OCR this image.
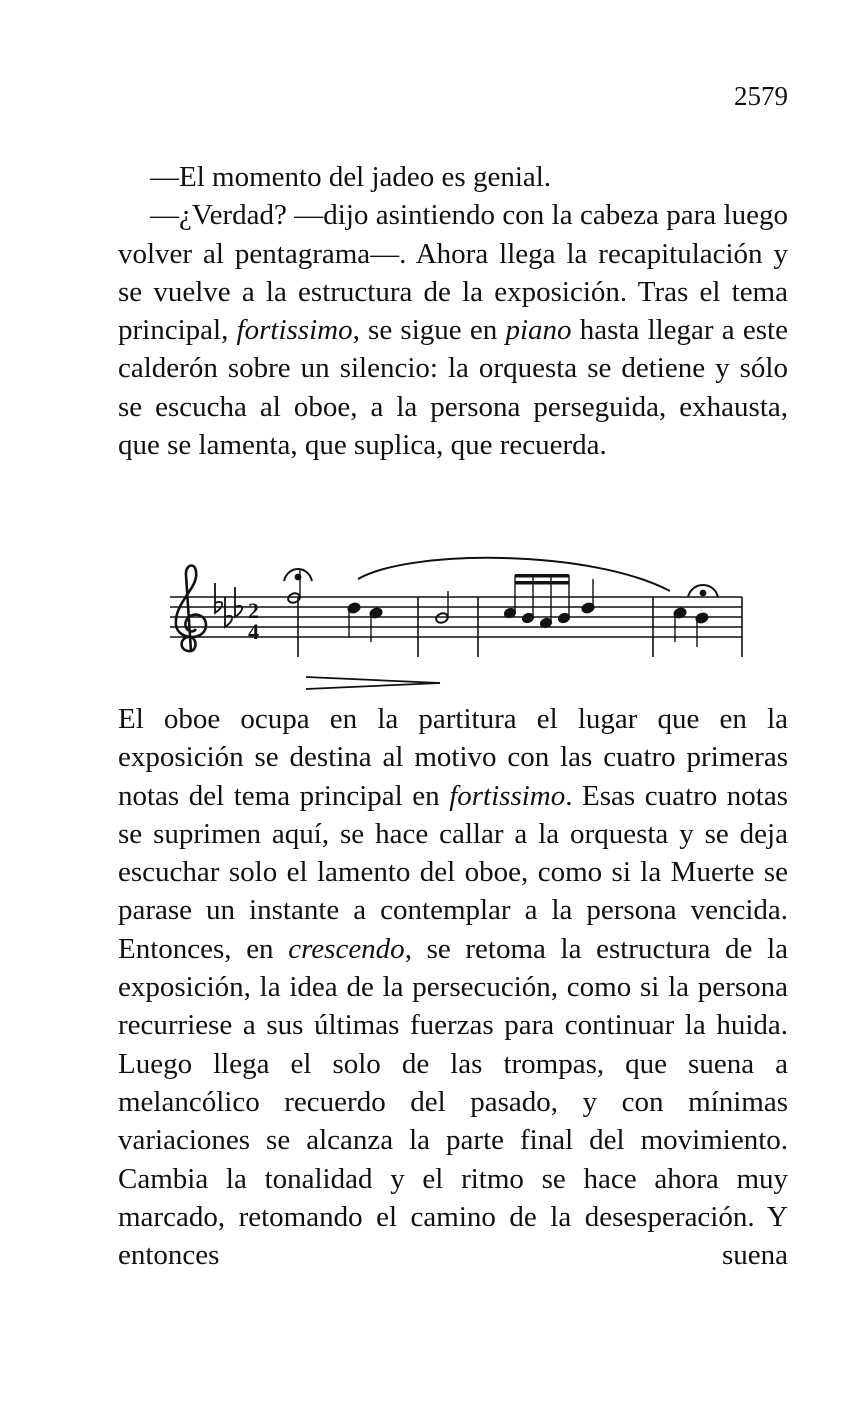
2579

—El momento del jadeo es genial.

—¿Verdad? —dijo asintiendo con la cabeza para luego volver al pentagrama—. Ahora llega la recapitulación y se vuelve a la estructura de la exposición. Tras el tema principal, fortissimo, se sigue en piano hasta llegar a este calderón sobre un silencio: la orquesta se detiene y sólo se escucha al oboe, a la persona perseguida, exhausta, que se lamenta, que suplica, que recuerda.

2
4

El oboe ocupa en la partitura el lugar que en la exposición se destina al motivo con las cuatro primeras notas del tema principal en fortissimo. Esas cuatro notas se suprimen aquí, se hace callar a la orquesta y se deja escuchar solo el lamento del oboe, como si la Muerte se parase un instante a contemplar a la persona vencida. Entonces, en crescendo, se retoma la estructura de la exposición, la idea de la persecución, como si la persona recurriese a sus últimas fuerzas para continuar la huida. Luego llega el solo de las trompas, que suena a melancólico recuerdo del pasado, y con mínimas variaciones se alcanza la parte final del movimiento. Cambia la tonalidad y el ritmo se hace ahora muy marcado, retomando el camino de la desesperación. Y entonces suena
